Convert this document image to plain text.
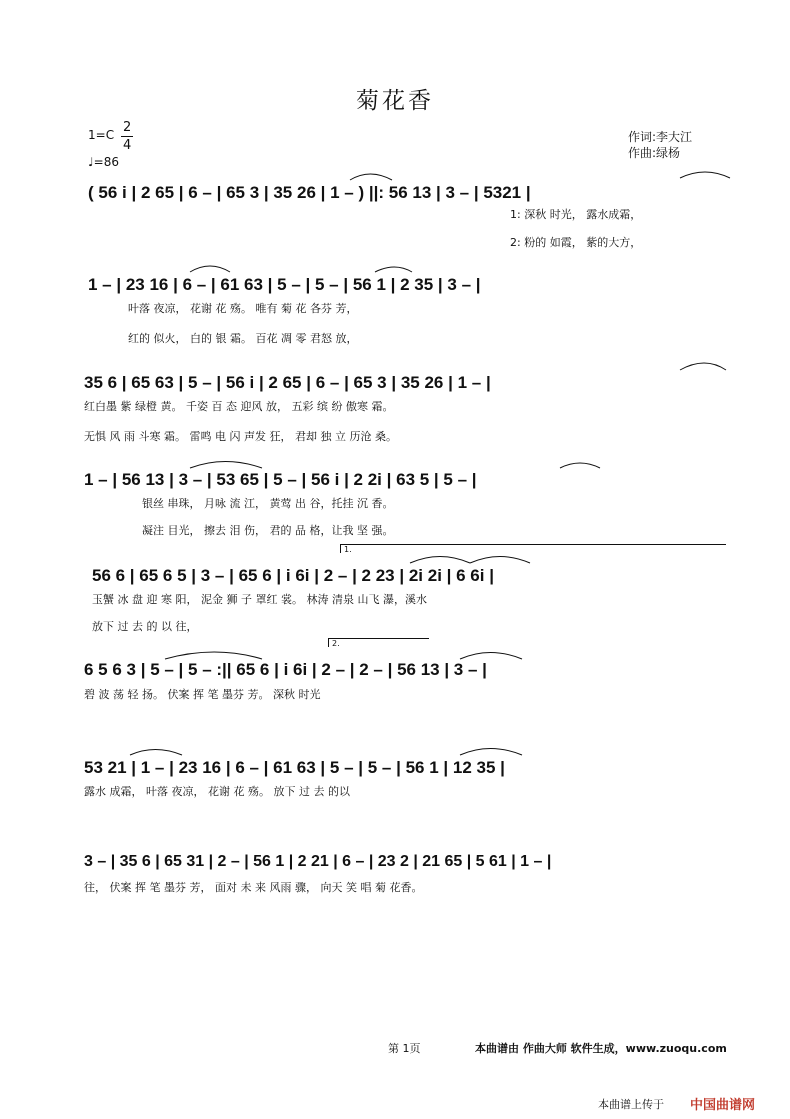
菊花香
1=C 2
4
♩=86
作词:李大江
作曲:绿杨
( 56 i | 2 65 | 6 – | 65 3 | 35 26 | 1 – ) ||: 56 13 | 3 – | 5321 |
1: 深秋 时光， 露水成霜，
2: 粉的 如霞， 紫的大方，
1 – | 23 16 | 6 – | 61 63 | 5 – | 5 – | 56 1 | 2 35 | 3 – |
叶落 夜凉， 花谢 花 殇。 唯有 菊 花 各芬 芳，
红的 似火， 白的 银 霜。 百花 凋 零 君怒 放，
35 6 | 65 63 | 5 – | 56 i | 2 65 | 6 – | 65 3 | 35 26 | 1 – |
红白墨 紫 绿橙 黄。 千姿 百 态 迎风 放， 五彩 缤 纷 傲寒 霜。
无惧 风 雨 斗寒 霜。 雷鸣 电 闪 声发 狂， 君却 独 立 历沧 桑。
1 – | 56 13 | 3 – | 53 65 | 5 – | 56 i | 2 2i | 63 5 | 5 – |
银丝 串珠， 月咏 流 江， 黄莺 出 谷，托挂 沉 香。
凝注 目光， 擦去 泪 伤， 君的 品 格，让我 坚 强。
1.
56 6 | 65 6 5 | 3 – | 65 6 | i 6i | 2 – | 2 23 | 2i 2i | 6 6i |
玉蟹 冰 盘 迎 寒 阳， 泥金 狮 子 罩红 裳。 林涛 清泉 山飞 瀑，溪水
放下 过 去 的 以 往，
2.
6 5 6 3 | 5 – | 5 – :|| 65 6 | i 6i | 2 – | 2 – | 56 13 | 3 – |
碧 波 荡 轻 扬。 伏案 挥 笔 墨芬 芳。 深秋 时光
53 21 | 1 – | 23 16 | 6 – | 61 63 | 5 – | 5 – | 56 1 | 12 35 |
露水 成霜， 叶落 夜凉， 花谢 花 殇。 放下 过 去 的以
3 – | 35 6 | 65 31 | 2 – | 56 1 | 2 21 | 6 – | 23 2 | 21 65 | 5 61 | 1 – |
往， 伏案 挥 笔 墨芬 芳， 面对 未 来 风雨 骤， 向天 笑 唱 菊 花香。
第 1页	本曲谱由 作曲大师 软件生成，www.zuoqu.com
本曲谱上传于 中国曲谱网
